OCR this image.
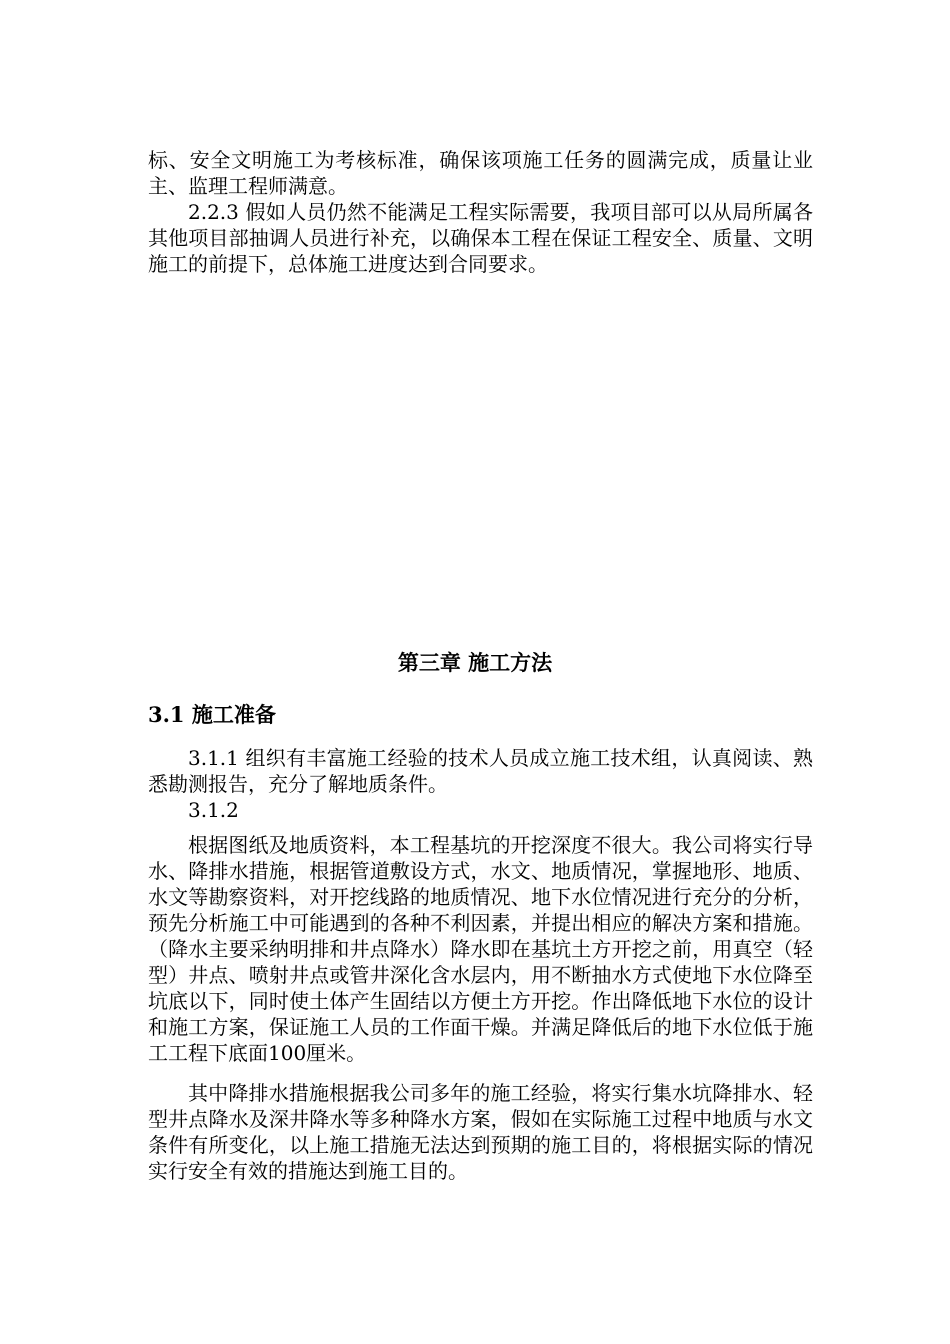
标、安全文明施工为考核标准，确保该项施工任务的圆满完成，质量让业主、监理工程师满意。

2.2.3 假如人员仍然不能满足工程实际需要，我项目部可以从局所属各其他项目部抽调人员进行补充，以确保本工程在保证工程安全、质量、文明施工的前提下，总体施工进度达到合同要求。

第三章 施工方法
3.1 施工准备

3.1.1 组织有丰富施工经验的技术人员成立施工技术组，认真阅读、熟悉勘测报告，充分了解地质条件。

3.1.2

根据图纸及地质资料，本工程基坑的开挖深度不很大。我公司将实行导水、降排水措施，根据管道敷设方式，水文、地质情况，掌握地形、地质、水文等勘察资料，对开挖线路的地质情况、地下水位情况进行充分的分析，预先分析施工中可能遇到的各种不利因素，并提出相应的解决方案和措施。（降水主要采纳明排和井点降水）降水即在基坑土方开挖之前，用真空（轻型）井点、喷射井点或管井深化含水层内，用不断抽水方式使地下水位降至坑底以下，同时使土体产生固结以方便土方开挖。作出降低地下水位的设计和施工方案，保证施工人员的工作面干燥。并满足降低后的地下水位低于施工工程下底面100厘米。

其中降排水措施根据我公司多年的施工经验，将实行集水坑降排水、轻型井点降水及深井降水等多种降水方案，假如在实际施工过程中地质与水文条件有所变化，以上施工措施无法达到预期的施工目的，将根据实际的情况实行安全有效的措施达到施工目的。
